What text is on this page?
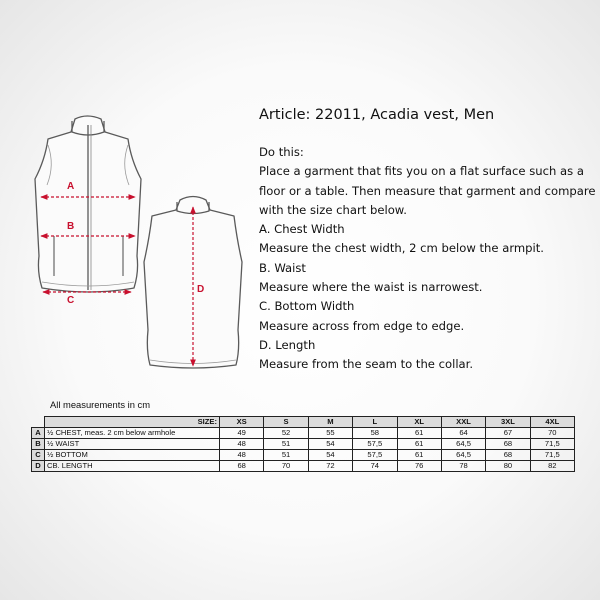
A
B
C
D
Article: 22011, Acadia vest, Men
Do this:
Place a garment that fits you on a flat surface such as a
floor or a table. Then measure that garment and compare
with the size chart below.
A. Chest Width
Measure the chest width, 2 cm below the armpit.
B. Waist
Measure where the waist is narrowest.
C. Bottom Width
Measure across from edge to edge.
D. Length
Measure from the seam to the collar.
All measurements in cm
	SIZE:	XS	S	M	L	XL	XXL	3XL	4XL
A	½ CHEST, meas. 2 cm below armhole	49	52	55	58	61	64	67	70
B	½ WAIST	48	51	54	57,5	61	64,5	68	71,5
C	½ BOTTOM	48	51	54	57,5	61	64,5	68	71,5
D	CB. LENGTH	68	70	72	74	76	78	80	82
